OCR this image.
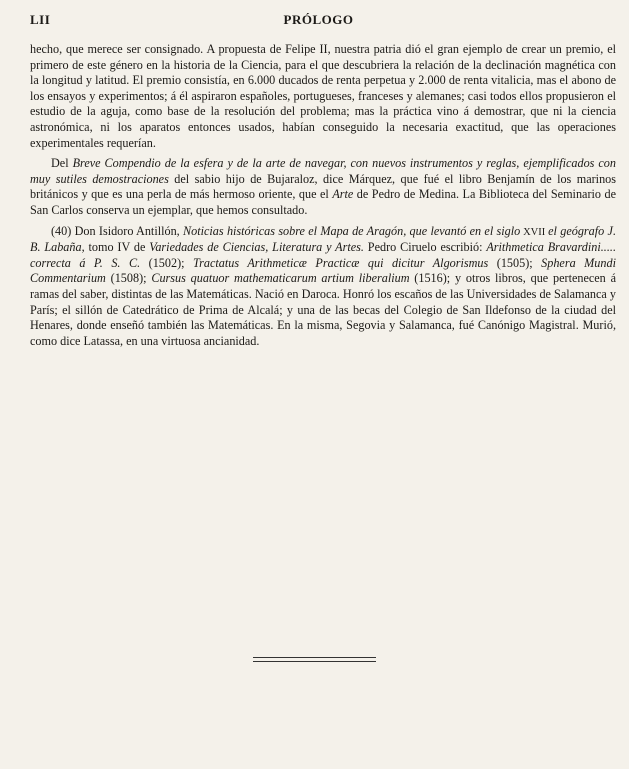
LII	PRÓLOGO

hecho, que merece ser consignado. A propuesta de Felipe II, nuestra patria dió el gran ejemplo de crear un premio, el primero de este género en la historia de la Ciencia, para el que descubriera la relación de la declinación magnética con la longitud y latitud. El premio consistía, en 6.000 ducados de renta perpetua y 2.000 de renta vitalicia, mas el abono de los ensayos y experimentos; á él aspiraron españoles, portugueses, franceses y alemanes; casi todos ellos propusieron el estudio de la aguja, como base de la resolución del problema; mas la práctica vino á demostrar, que ni la ciencia astronómica, ni los aparatos entonces usados, habían conseguido la necesaria exactitud, que las operaciones experimentales requerían.

Del Breve Compendio de la esfera y de la arte de navegar, con nuevos instrumentos y reglas, ejemplificados con muy sutiles demostraciones del sabio hijo de Bujaraloz, dice Márquez, que fué el libro Benjamín de los marinos británicos y que es una perla de más hermoso oriente, que el Arte de Pedro de Medina. La Biblioteca del Seminario de San Carlos conserva un ejemplar, que hemos consultado.

(40) Don Isidoro Antillón, Noticias históricas sobre el Mapa de Aragón, que levantó en el siglo XVII el geógrafo J. B. Labaña, tomo IV de Variedades de Ciencias, Literatura y Artes. Pedro Ciruelo escribió: Arithmetica Bravardini..... correcta á P. S. C. (1502); Tractatus Arithmeticæ Practicæ qui dicitur Algorismus (1505); Sphera Mundi Commentarium (1508); Cursus quatuor mathematicarum artium liberalium (1516); y otros libros, que pertenecen á ramas del saber, distintas de las Matemáticas. Nació en Daroca. Honró los escaños de las Universidades de Salamanca y París; el sillón de Catedrático de Prima de Alcalá; y una de las becas del Colegio de San Ildefonso de la ciudad del Henares, donde enseñó también las Matemáticas. En la misma, Segovia y Salamanca, fué Canónigo Magistral. Murió, como dice Latassa, en una virtuosa ancianidad.
